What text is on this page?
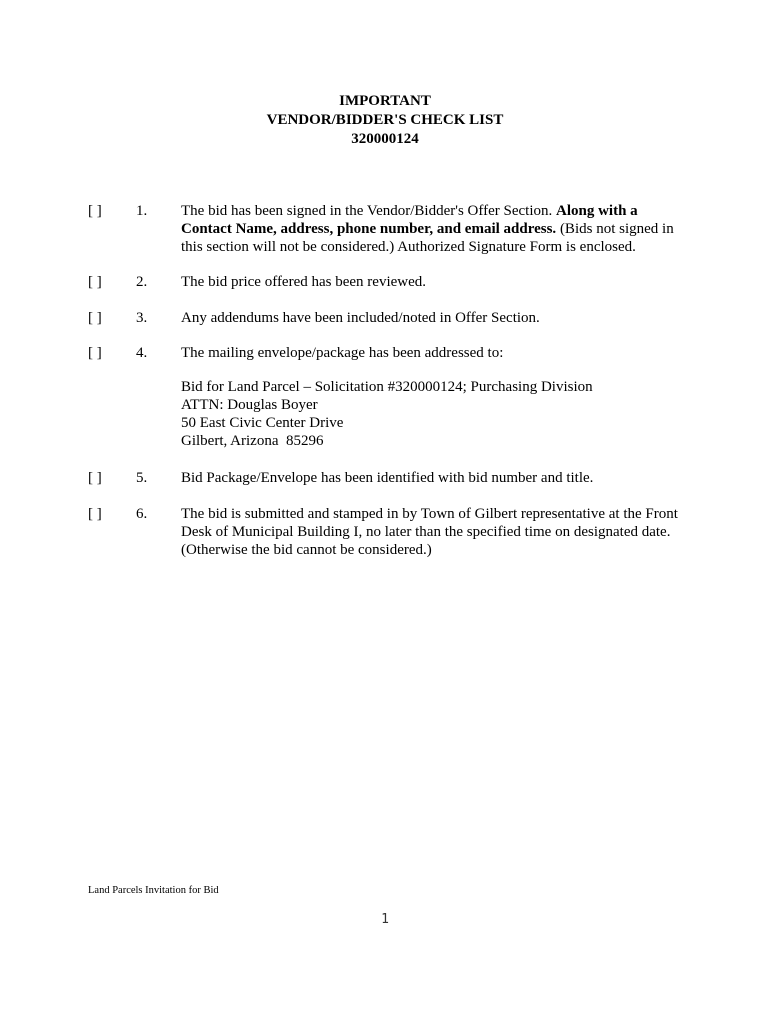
IMPORTANT
VENDOR/BIDDER'S CHECK LIST
320000124
[ ] 1. The bid has been signed in the Vendor/Bidder's Offer Section. Along with a Contact Name, address, phone number, and email address. (Bids not signed in this section will not be considered.) Authorized Signature Form is enclosed.
[ ] 2. The bid price offered has been reviewed.
[ ] 3. Any addendums have been included/noted in Offer Section.
[ ] 4. The mailing envelope/package has been addressed to:
Bid for Land Parcel – Solicitation #320000124; Purchasing Division
ATTN: Douglas Boyer
50 East Civic Center Drive
Gilbert, Arizona  85296
[ ] 5. Bid Package/Envelope has been identified with bid number and title.
[ ] 6. The bid is submitted and stamped in by Town of Gilbert representative at the Front Desk of Municipal Building I, no later than the specified time on designated date. (Otherwise the bid cannot be considered.)
Land Parcels Invitation for Bid
1
